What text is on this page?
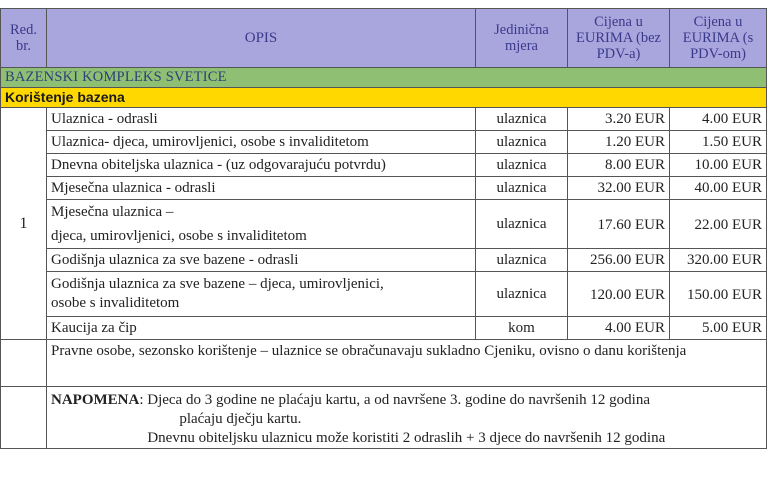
Red. br.	OPIS	Jedinična mjera	Cijena u EURIMA (bez PDV-a)	Cijena u EURIMA (s PDV-om)
BAZENSKI KOMPLEKS SVETICE				
Korištenje bazena				
1	Ulaznica - odrasli	ulaznica	3.20 EUR	4.00 EUR
	Ulaznica- djeca, umirovljenici, osobe s invaliditetom	ulaznica	1.20 EUR	1.50 EUR
	Dnevna obiteljska ulaznica - (uz odgovarajuću potvrdu)	ulaznica	8.00 EUR	10.00 EUR
	Mjesečna ulaznica - odrasli	ulaznica	32.00 EUR	40.00 EUR

	Mjesečna ulaznica –
djeca, umirovljenici, osobe s invaliditetom	ulaznica	17.60 EUR	22.00 EUR
	Godišnja ulaznica za sve bazene - odrasli	ulaznica	256.00 EUR	320.00 EUR

	Godišnja ulaznica za sve bazene – djeca, umirovljenici,
osobe s invaliditetom	ulaznica	120.00 EUR	150.00 EUR
	Kaucija za čip	kom	4.00 EUR	5.00 EUR
	Pravne osobe, sezonsko korištenje – ulaznice se obračunavaju sukladno Cjeniku, ovisno o danu korištenja			

	NAPOMENA : Djeca do 3 godine ne plaćaju kartu, a od navršene 3. godine do navršenih 12 godina
plaćaju dječju kartu.
Dnevnu obiteljsku ulaznicu može koristiti 2 odraslih + 3 djece do navršenih 12 godina			
